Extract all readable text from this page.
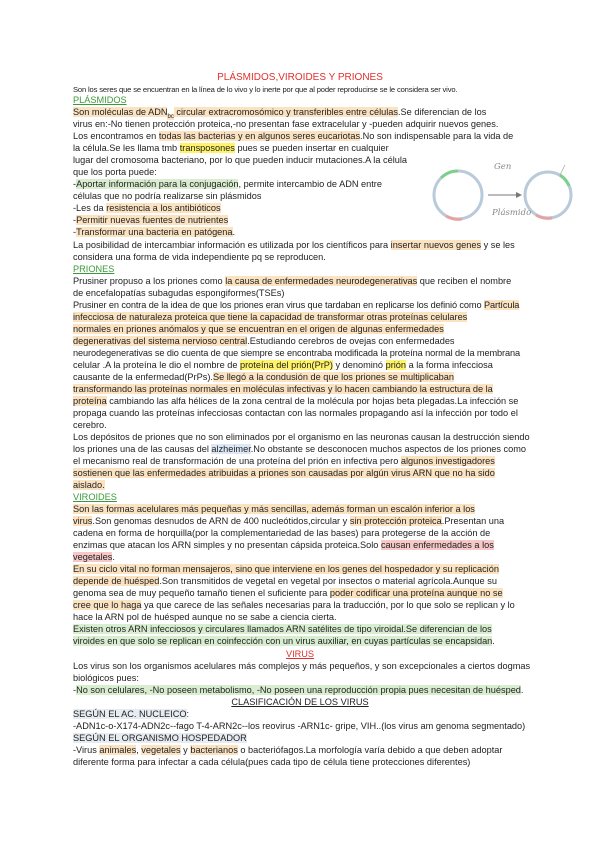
PLÁSMIDOS,VIROIDES Y PRIONES
Son los seres que se encuentran en la línea de lo vivo y lo inerte por que al poder reproducirse se le considera ser vivo.
PLÁSMIDOS
Son moléculas de $ADN_{bc}$ circular extracromosómico y transferibles entre células.Se diferencian de los
virus en:-No tienen protección proteica,-no presentan fase extracelular y -pueden adquirir nuevos genes.
Los encontramos en todas las bacterias y en algunos seres eucariotas.No son indispensable para la vida de
la célula.Se les llama tmb transposones pues se pueden insertar en cualquier
lugar del cromosoma bacteriano, por lo que pueden inducir mutaciones.A la célula
que los porta puede:
-Aportar información para la conjugación, permite intercambio de ADN entre
células que no podría realizarse sin plásmidos
-Les da resistencia a los antibióticos
-Permitir nuevas fuentes de nutrientes
-Transformar una bacteria en patógena.
La posibilidad de intercambiar información es utilizada por los científicos para insertar nuevos genes y se les
considera una forma de vida independiente pq se reproducen.
Gen
Plásmido
PRIONES
Prusiner propuso a los priones como la causa de enfermedades neurodegenerativas que reciben el nombre
de encefalopatías subagudas espongiformes(TSEs)
Prusiner en contra de la idea de que los priones eran virus que tardaban en replicarse los definió como Partícula
infecciosa de naturaleza proteica que tiene la capacidad de transformar otras proteínas celulares
normales en priones anómalos y que se encuentran en el origen de algunas enfermedades
degenerativas del sistema nervioso central.Estudiando cerebros de ovejas con enfermedades
neurodegenerativas se dio cuenta de que siempre se encontraba modificada la proteína normal de la membrana
celular .A la proteína le dio el nombre de proteína del prión(PrP) y denominó prión a la forma infecciosa
causante de la enfermedad(PrPs).Se llegó a la condusión de que los priones se multiplicaban
transformando las proteínas normales en moléculas infectivas y lo hacen cambiando la estructura de la
proteína cambiando las alfa hélices de la zona central de la molécula por hojas beta plegadas.La infección se
propaga cuando las proteínas infecciosas contactan con las normales propagando así la infección por todo el
cerebro.
Los depósitos de priones que no son eliminados por el organismo en las neuronas causan la destrucción siendo
los priones una de las causas del alzheimer.No obstante se desconocen muchos aspectos de los priones como
el mecanismo real de transformación de una proteína del prión en infectiva pero algunos investigadores
sostienen que las enfermedades atribuidas a priones son causadas por algún virus ARN que no ha sido
aislado.
VIROIDES
Son las formas acelulares más pequeñas y más sencillas, además forman un escalón inferior a los
virus.Son genomas desnudos de ARN de 400 nucleótidos,circular y sin protección proteica.Presentan una
cadena en forma de horquilla(por la complementariedad de las bases) para protegerse de la acción de
enzimas que atacan los ARN simples y no presentan cápsida proteica.Solo causan enfermedades a los
vegetales.
En su ciclo vital no forman mensajeros, sino que interviene en los genes del hospedador y su replicación
depende de huésped.Son transmitidos de vegetal en vegetal por insectos o material agrícola.Aunque su
genoma sea de muy pequeño tamaño tienen el suficiente para poder codificar una proteína aunque no se
cree que lo haga ya que carece de las señales necesarias para la traducción, por lo que solo se replican y lo
hace la ARN pol de huésped aunque no se sabe a ciencia cierta.
Existen otros ARN infecciosos y circulares llamados ARN satélites de tipo viroidal.Se diferencian de los
viroides en que solo se replican en coinfección con un virus auxiliar, en cuyas partículas se encapsidan.
VIRUS
Los virus son los organismos acelulares más complejos y más pequeños, y son excepcionales a ciertos dogmas
biológicos pues:
-No son celulares, -No poseen metabolismo, -No poseen una reproducción propia pues necesitan de huésped.
CLASIFICACIÓN DE LOS VIRUS
SEGÚN EL AC. NUCLEICO:
-ADN1c-o-X174-ADN2c--fago T-4-ARN2c--los reovirus -ARN1c- gripe, VIH..(los virus am genoma segmentado)
SEGÚN EL ORGANISMO HOSPEDADOR
-Virus animales, vegetales y bacterianos o bacteriófagos.La morfología varía debido a que deben adoptar
diferente forma para infectar a cada célula(pues cada tipo de célula tiene protecciones diferentes)
